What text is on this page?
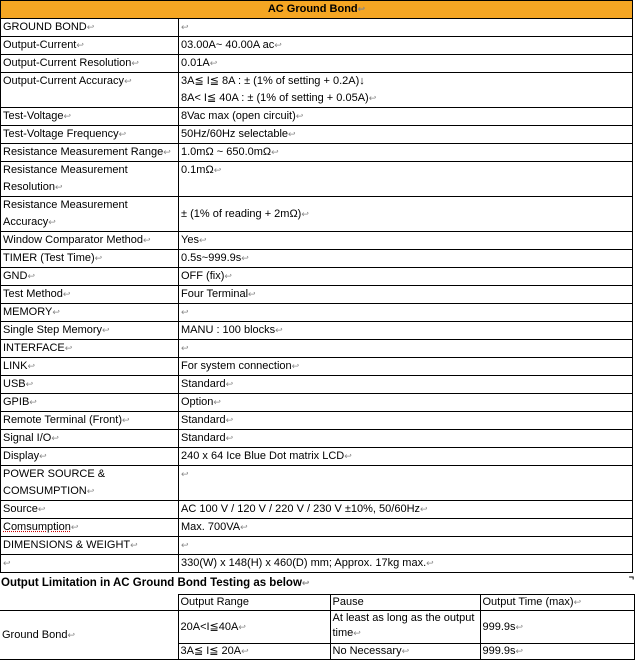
AC Ground Bond↩	
GROUND BOND↩	↩
Output-Current↩	03.00A~ 40.00A ac↩
Output-Current Resolution↩	0.01A↩
Output-Current Accuracy↩	3A≦ I≦ 8A : ± (1% of setting + 0.2A)↓
8A< I≦ 40A : ± (1% of setting + 0.05A)↩
Test-Voltage↩	8Vac max (open circuit)↩
Test-Voltage Frequency↩	50Hz/60Hz selectable↩
Resistance Measurement Range↩	1.0mΩ ~ 650.0mΩ↩
Resistance Measurement Resolution↩	0.1mΩ↩
Resistance Measurement Accuracy↩	± (1% of reading + 2mΩ)↩
Window Comparator Method↩	Yes↩
TIMER (Test Time)↩	0.5s~999.9s↩
GND↩	OFF (fix)↩
Test Method↩	Four Terminal↩
MEMORY↩	↩
Single Step Memory↩	MANU : 100 blocks↩
INTERFACE↩	↩
LINK↩	For system connection↩
USB↩	Standard↩
GPIB↩	Option↩
Remote Terminal (Front)↩	Standard↩
Signal I/O↩	Standard↩
Display↩	240 x 64 Ice Blue Dot matrix LCD↩
POWER SOURCE & COMSUMPTION↩	↩
Source↩	AC 100 V / 120 V / 220 V / 230 V ±10%, 50/60Hz↩
Comsumption↩	Max. 700VA↩
DIMENSIONS & WEIGHT↩	↩
↩	330(W) x 148(H) x 460(D) mm; Approx. 17kg max.↩
Output Limitation in AC Ground Bond Testing as below↩
¬
	Output Range	Pause	Output Time (max)↩
Ground Bond↩	20A<I≦40A↩	At least as long as the output time↩	999.9s↩
	3A≦ I≦ 20A↩	No Necessary↩	999.9s↩
